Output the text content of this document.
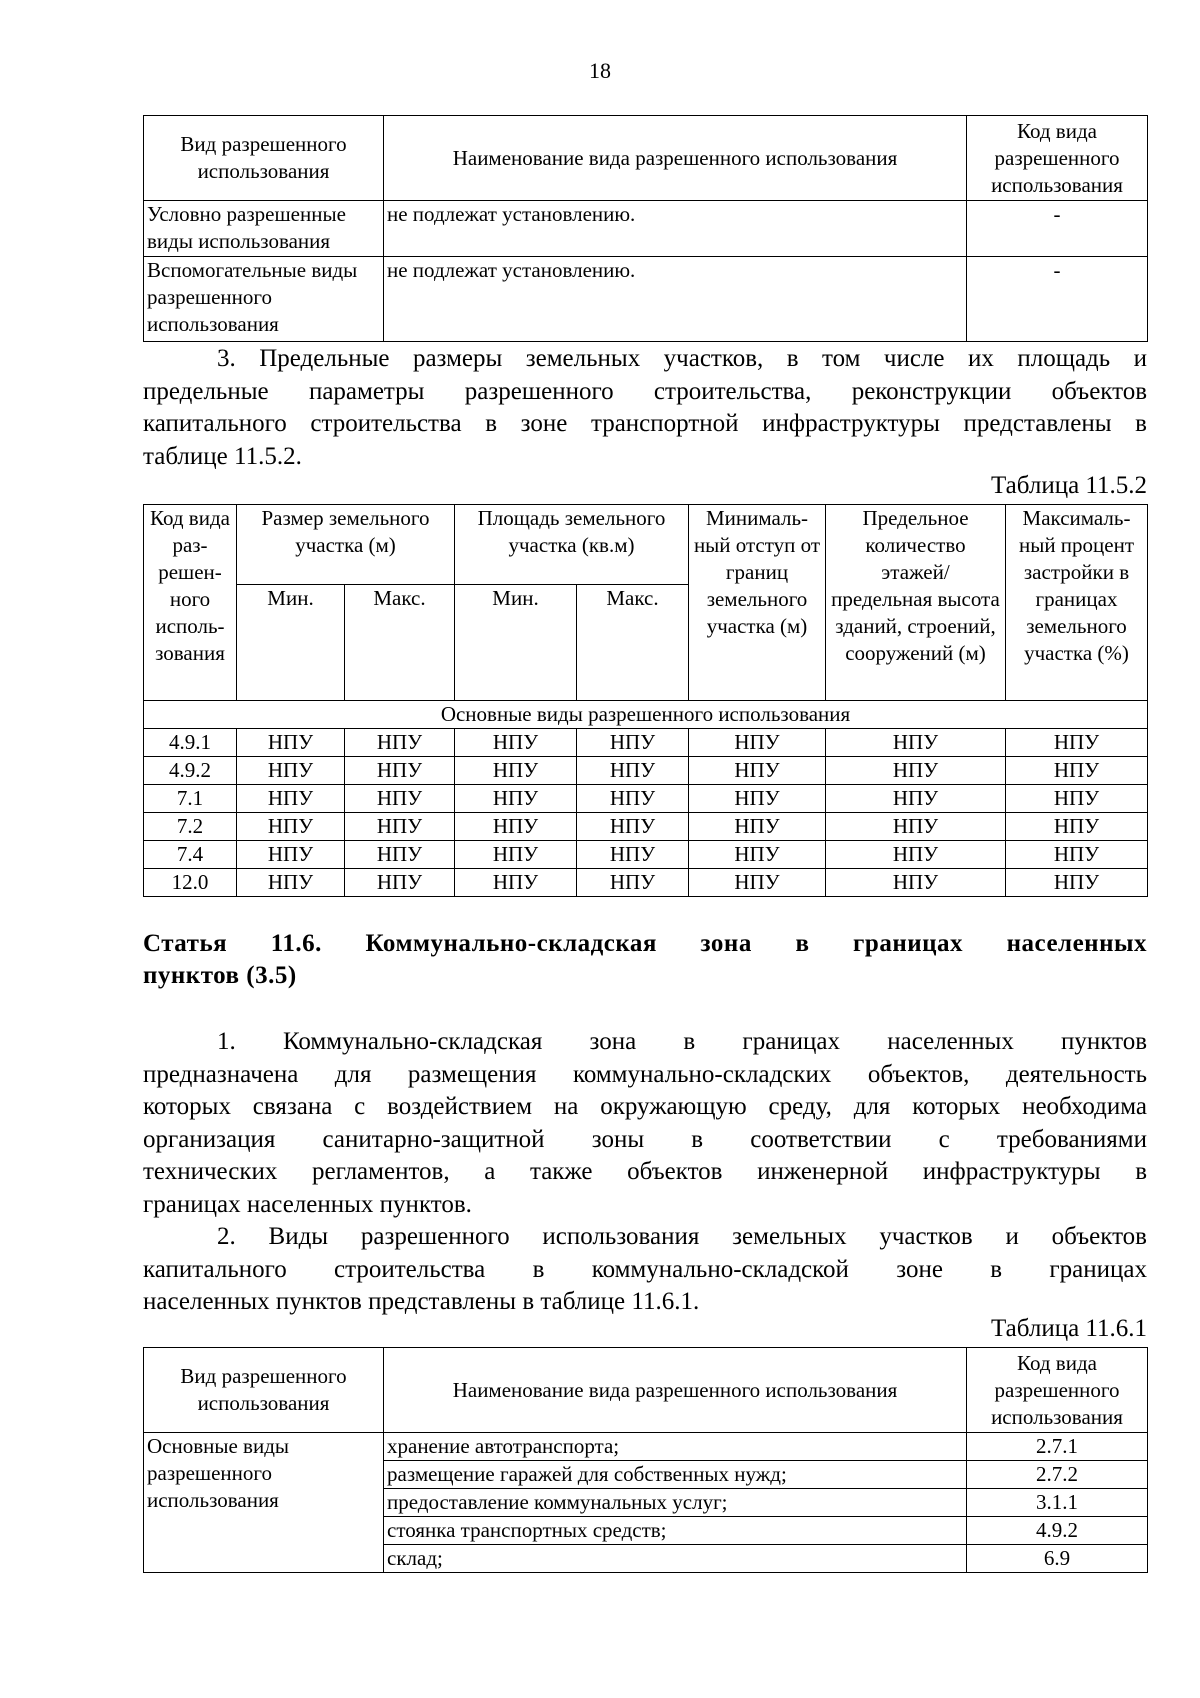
18
Вид разрешенного использования	Наименование вида разрешенного использования	Код вида разрешенного использования
Условно разрешенные виды использования	не подлежат установлению.	-
Вспомогательные виды разрешенного использования	не подлежат установлению.	-
3. Предельные размеры земельных участков, в том числе их площадь и
предельные параметры разрешенного строительства, реконструкции объектов
капитального строительства в зоне транспортной инфраструктуры представлены в
таблице 11.5.2.
Таблица 11.5.2
Код вида раз-решен-ного исполь-зования	Размер земельного участка (м)		Площадь земельного участка (кв.м)		Минималь-ный отступ от границ земельного участка (м)	Предельное количество этажей/ предельная высота зданий, строений, сооружений (м)	Максималь-ный процент застройки в границах земельного участка (%)
	Мин.	Макс.	Мин.	Макс.			
Основные виды разрешенного использования							
4.9.1	НПУ	НПУ	НПУ	НПУ	НПУ	НПУ	НПУ
4.9.2	НПУ	НПУ	НПУ	НПУ	НПУ	НПУ	НПУ
7.1	НПУ	НПУ	НПУ	НПУ	НПУ	НПУ	НПУ
7.2	НПУ	НПУ	НПУ	НПУ	НПУ	НПУ	НПУ
7.4	НПУ	НПУ	НПУ	НПУ	НПУ	НПУ	НПУ
12.0	НПУ	НПУ	НПУ	НПУ	НПУ	НПУ	НПУ
Статья 11.6. Коммунально-складская зона в границах населенных
пунктов (3.5)
1. Коммунально-складская зона в границах населенных пунктов
предназначена для размещения коммунально-складских объектов, деятельность
которых связана с воздействием на окружающую среду, для которых необходима
организация санитарно-защитной зоны в соответствии с требованиями
технических регламентов, а также объектов инженерной инфраструктуры в
границах населенных пунктов.
2. Виды разрешенного использования земельных участков и объектов
капитального строительства в коммунально-складской зоне в границах
населенных пунктов представлены в таблице 11.6.1.
Таблица 11.6.1
Вид разрешенного использования	Наименование вида разрешенного использования	Код вида разрешенного использования
Основные виды разрешенного использования	хранение автотранспорта;	2.7.1
	размещение гаражей для собственных нужд;	2.7.2
	предоставление коммунальных услуг;	3.1.1
	стоянка транспортных средств;	4.9.2
	склад;	6.9
